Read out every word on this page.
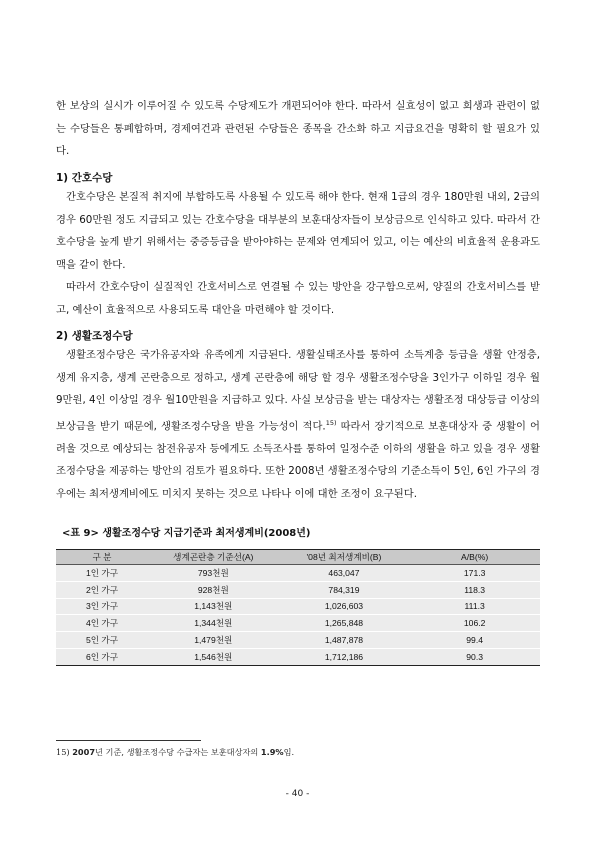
한 보상의 실시가 이루어질 수 있도록 수당제도가 개편되어야 한다. 따라서 실효성이 없고 희생과 관련이 없는 수당들은 통폐합하며, 경제여건과 관련된 수당들은 종목을 간소화 하고 지급요건을 명확히 할 필요가 있다.

1) 간호수당

간호수당은 본질적 취지에 부합하도록 사용될 수 있도록 해야 한다. 현재 1급의 경우 180만원 내외, 2급의 경우 60만원 정도 지급되고 있는 간호수당을 대부분의 보훈대상자들이 보상금으로 인식하고 있다. 따라서 간호수당을 높게 받기 위해서는 중증등급을 받아야하는 문제와 연계되어 있고, 이는 예산의 비효율적 운용과도 맥을 같이 한다.

따라서 간호수당이 실질적인 간호서비스로 연결될 수 있는 방안을 강구함으로써, 양질의 간호서비스를 받고, 예산이 효율적으로 사용되도록 대안을 마련해야 할 것이다.

2) 생활조정수당

생활조정수당은 국가유공자와 유족에게 지급된다. 생활실태조사를 통하여 소득계층 등급을 생활 안정층, 생계 유지층, 생계 곤란층으로 정하고, 생계 곤란층에 해당 할 경우 생활조정수당을 3인가구 이하일 경우 월 9만원, 4인 이상일 경우 월10만원을 지급하고 있다. 사실 보상금을 받는 대상자는 생활조정 대상등급 이상의 보상금을 받기 때문에, 생활조정수당을 받을 가능성이 적다.$^{15)}$ 따라서 장기적으로 보훈대상자 중 생활이 어려울 것으로 예상되는 참전유공자 등에게도 소득조사를 통하여 일정수준 이하의 생활을 하고 있을 경우 생활조정수당을 제공하는 방안의 검토가 필요하다. 또한 2008년 생활조정수당의 기준소득이 5인, 6인 가구의 경우에는 최저생계비에도 미치지 못하는 것으로 나타나 이에 대한 조정이 요구된다.

<표 9> 생활조정수당 지급기준과 최저생계비(2008년)
구 분	생계곤란층 기준선(A)	'08년 최저생계비(B)	A/B(%)
1인 가구	793천원	463,047	171.3
2인 가구	928천원	784,319	118.3
3인 가구	1,143천원	1,026,603	111.3
4인 가구	1,344천원	1,265,848	106.2
5인 가구	1,479천원	1,487,878	99.4
6인 가구	1,546천원	1,712,186	90.3
15) 2007년 기준, 생활조정수당 수급자는 보훈대상자의 1.9%임.
- 40 -
